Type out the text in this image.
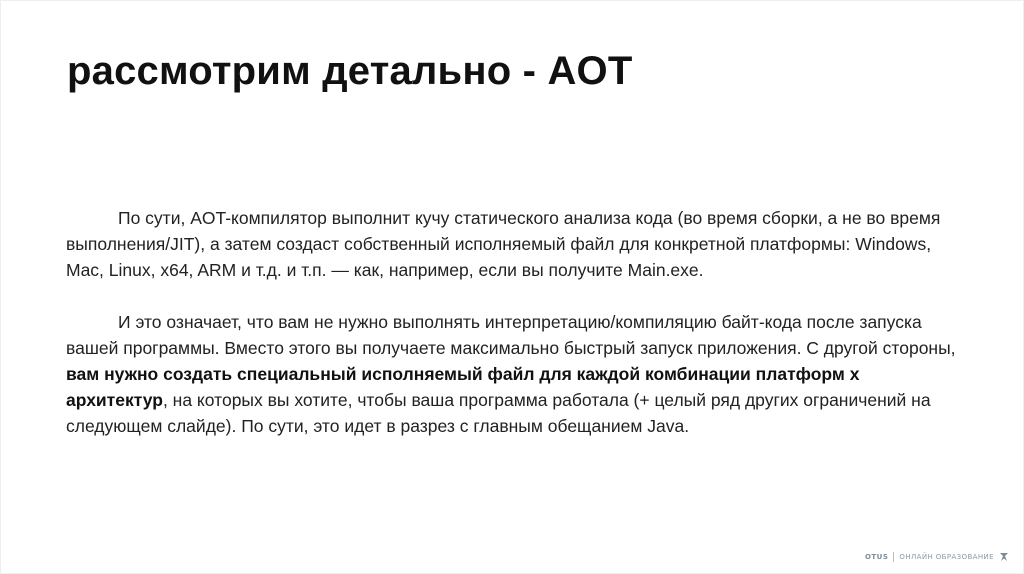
рассмотрим детально - AOT

По сути, AOT-компилятор выполнит кучу статического анализа кода (во время сборки, а не во время выполнения/JIT), а затем создаст собственный исполняемый файл для конкретной платформы: Windows, Mac, Linux, x64, ARM и т.д. и т.п. — как, например, если вы получите Main.exe.

И это означает, что вам не нужно выполнять интерпретацию/компиляцию байт-кода после запуска вашей программы. Вместо этого вы получаете максимально быстрый запуск приложения. С другой стороны, вам нужно создать специальный исполняемый файл для каждой комбинации платформ x архитектур, на которых вы хотите, чтобы ваша программа работала (+ целый ряд других ограничений на следующем слайде). По сути, это идет в разрез с главным обещанием Java.

OTUS ОНЛАЙН ОБРАЗОВАНИЕ
